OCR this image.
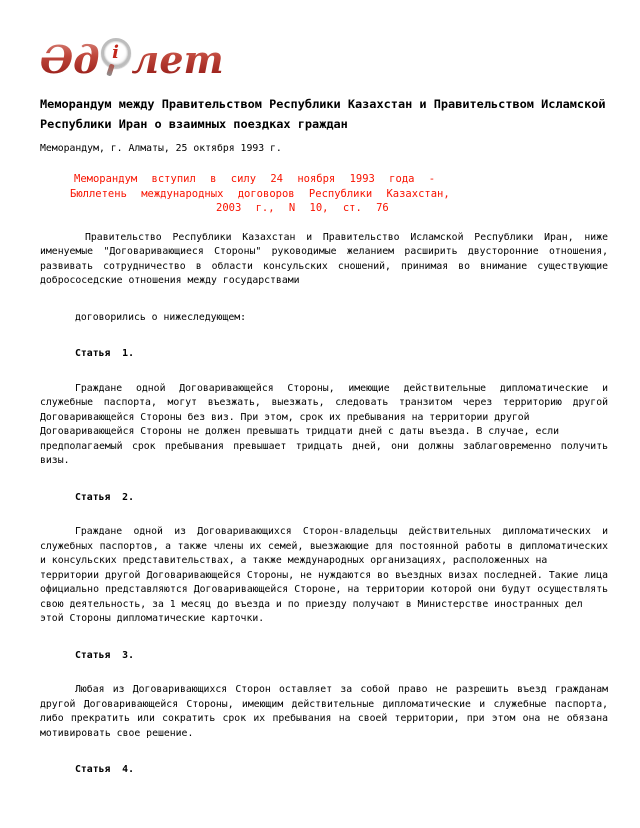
Әд і лет
Меморандум между Правительством Республики Казахстан и Правительством Исламской
Республики Иран о взаимных поездках граждан
Меморандум, г. Алматы, 25 октября 1993 г.
Меморандум вступил в силу 24 ноября 1993 года -
Бюллетень международных договоров Республики Казахстан,
2003 г., N 10, ст. 76
Правительство Республики Казахстан и Правительство Исламской Республики Иран, ниже
именуемые "Договаривающиеся Стороны" руководимые желанием расширить двусторонние отношения,
развивать сотрудничество в области консульских сношений, принимая во внимание существующие
добрососедские отношения между государствами
договорились о нижеследующем:
Статья  1.
Граждане одной Договаривающейся Стороны, имеющие действительные дипломатические и
служебные паспорта, могут въезжать, выезжать, следовать транзитом через территорию другой
Договаривающейся Стороны без виз. При этом, срок их пребывания на территории другой
Договаривающейся Стороны не должен превышать тридцати дней с даты въезда. В случае, если
предполагаемый срок пребывания превышает тридцать дней, они должны заблаговременно получить
визы.
Статья  2.
Граждане одной из Договаривающихся Сторон-владельцы действительных дипломатических и
служебных паспортов, а также члены их семей, выезжающие для постоянной работы в дипломатических
и консульских представительствах, а также международных организациях, расположенных на
территории другой Договаривающейся Стороны, не нуждаются во въездных визах последней. Такие лица
официально представляются Договаривающейся Стороне, на территории которой они будут осуществлять
свою деятельность, за 1 месяц до въезда и по приезду получают в Министерстве иностранных дел
этой Стороны дипломатические карточки.
Статья  3.
Любая из Договаривающихся Сторон оставляет за собой право не разрешить въезд гражданам
другой Договаривающейся Стороны, имеющим действительные дипломатические и служебные паспорта,
либо прекратить или сократить срок их пребывания на своей территории, при этом она не обязана
мотивировать свое решение.
Статья  4.
